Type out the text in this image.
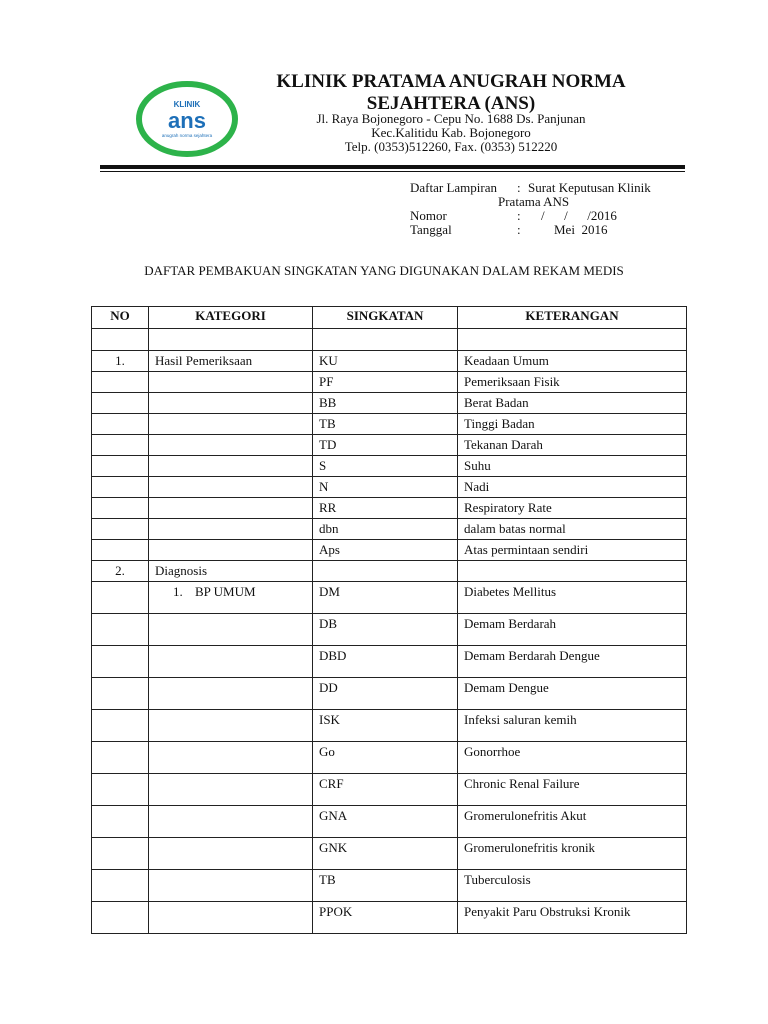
KLINIK
ans
anugrah norma sejahtera
KLINIK PRATAMA ANUGRAH NORMA SEJAHTERA (ANS)
Jl. Raya Bojonegoro - Cepu No. 1688 Ds. Panjunan
Kec.Kalitidu Kab. Bojonegoro
Telp. (0353)512260, Fax. (0353) 512220
Daftar Lampiran : Surat Keputusan Klinik
Pratama ANS
Nomor	: /      /      /2016
Tanggal	: Mei  2016
DAFTAR PEMBAKUAN SINGKATAN YANG DIGUNAKAN DALAM REKAM MEDIS
NO	KATEGORI	SINGKATAN	KETERANGAN

1.	Hasil Pemeriksaan	KU	Keadaan Umum
		PF	Pemeriksaan Fisik
		BB	Berat Badan
		TB	Tinggi Badan
		TD	Tekanan Darah
		S	Suhu
		N	Nadi
		RR	Respiratory Rate
		dbn	dalam batas normal
		Aps	Atas permintaan sendiri
2.	Diagnosis		
	1. BP UMUM	DM	Diabetes Mellitus
		DB	Demam Berdarah
		DBD	Demam Berdarah Dengue
		DD	Demam Dengue
		ISK	Infeksi saluran kemih
		Go	Gonorrhoe
		CRF	Chronic Renal Failure
		GNA	Gromerulonefritis Akut
		GNK	Gromerulonefritis kronik
		TB	Tuberculosis
		PPOK	Penyakit Paru Obstruksi Kronik
